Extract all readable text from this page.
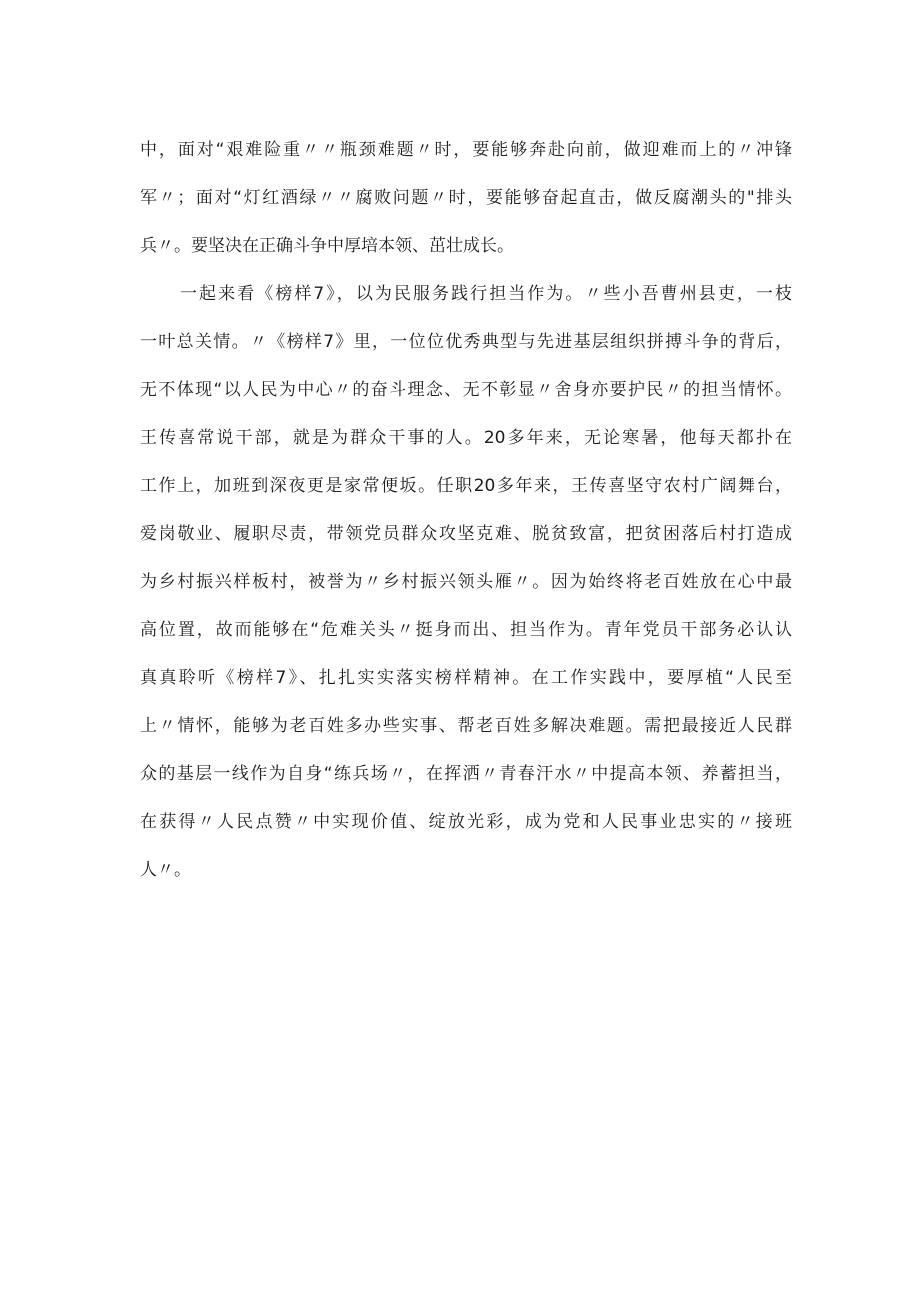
中，面对“艰难险重〃〃瓶颈难题〃时，要能够奔赴向前，做迎难而上的〃冲锋
军〃；面对“灯红酒绿〃〃腐败问题〃时，要能够奋起直击，做反腐潮头的"排头
兵〃。要坚决在正确斗争中厚培本领、茁壮成长。
一起来看《榜样7》，以为民服务践行担当作为。〃些小吾曹州县吏，一枝
一叶总关情。〃《榜样7》里，一位位优秀典型与先进基层组织拼搏斗争的背后，
无不体现“以人民为中心〃的奋斗理念、无不彰显〃舍身亦要护民〃的担当情怀。
王传喜常说干部，就是为群众干事的人。20多年来，无论寒暑，他每天都扑在
工作上，加班到深夜更是家常便坂。任职20多年来，王传喜坚守农村广阔舞台，
爱岗敬业、履职尽责，带领党员群众攻坚克难、脱贫致富，把贫困落后村打造成
为乡村振兴样板村，被誉为〃乡村振兴领头雁〃。因为始终将老百姓放在心中最
高位置，故而能够在“危难关头〃挺身而出、担当作为。青年党员干部务必认认
真真聆听《榜样7》、扎扎实实落实榜样精神。在工作实践中，要厚植“人民至
上〃情怀，能够为老百姓多办些实事、帮老百姓多解决难题。需把最接近人民群
众的基层一线作为自身“练兵场〃，在挥洒〃青春汗水〃中提高本领、养蓄担当，
在获得〃人民点赞〃中实现价值、绽放光彩，成为党和人民事业忠实的〃接班
人〃。
